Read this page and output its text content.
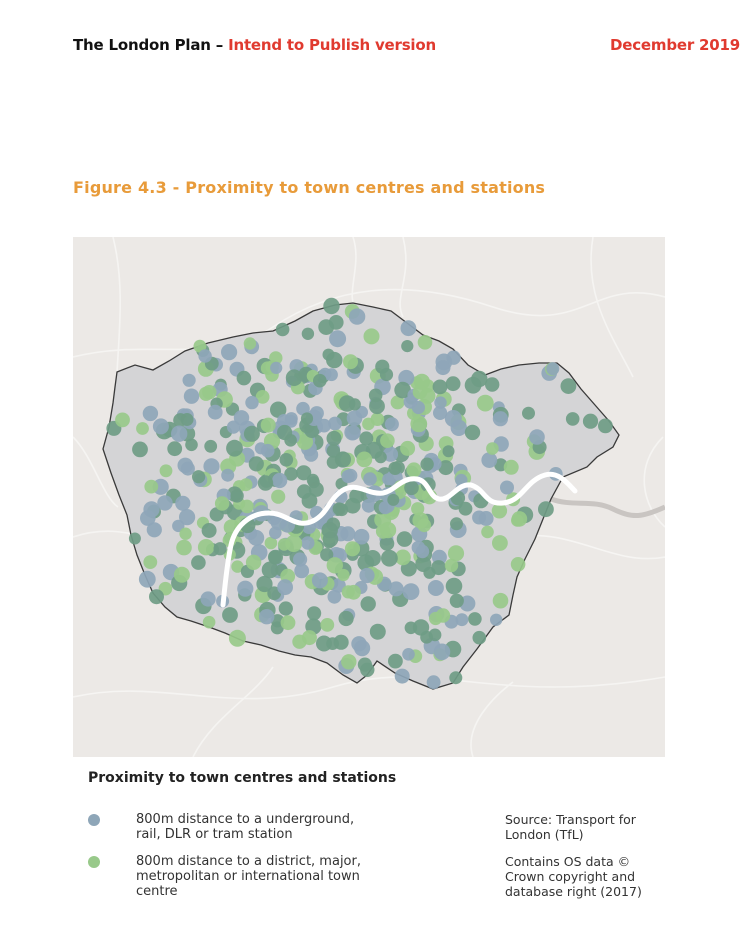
The London Plan – Intend to Publish version	December 2019
Figure 4.3 - Proximity to town centres and stations
Proximity to town centres and stations
800m distance to a underground,
rail, DLR or tram station
800m distance to a district, major,
metropolitan or international town
centre
Source: Transport for
London (TfL)
Contains OS data ©
Crown copyright and
database right (2017)
